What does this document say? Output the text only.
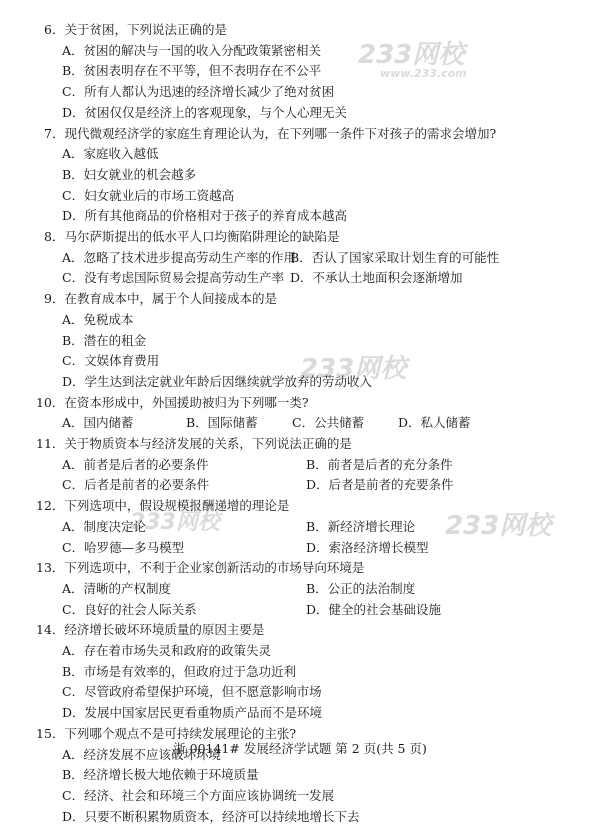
233网校
www.233.com
233网校
233网校	233网校
6．关于贫困，下列说法正确的是
A．贫困的解决与一国的收入分配政策紧密相关
B．贫困表明存在不平等，但不表明存在不公平
C．所有人都认为迅速的经济增长减少了绝对贫困
D．贫困仅仅是经济上的客观现象，与个人心理无关
7．现代微观经济学的家庭生育理论认为，在下列哪一条件下对孩子的需求会增加?
A．家庭收入越低
B．妇女就业的机会越多
C．妇女就业后的市场工资越高
D．所有其他商品的价格相对于孩子的养育成本越高
8．马尔萨斯提出的低水平人口均衡陷阱理论的缺陷是
A．忽略了技术进步提高劳动生产率的作用
B．否认了国家采取计划生育的可能性
C．没有考虑国际贸易会提高劳动生产率 D．不承认土地面积会逐渐增加
9．在教育成本中，属于个人间接成本的是
A．免税成本
B．潜在的租金
C．文娱体育费用
D．学生达到法定就业年龄后因继续就学放弃的劳动收入
10．在资本形成中，外国援助被归为下列哪一类?
A．国内储蓄	B．国际储蓄	C．公共储蓄	D．私人储蓄
11．关于物质资本与经济发展的关系，下列说法正确的是
A．前者是后者的必要条件	B．前者是后者的充分条件
C．后者是前者的必要条件	D．后者是前者的充要条件
12．下列选项中，假设规模报酬递增的理论是
A．制度决定论	B．新经济增长理论
C．哈罗德—多马模型	D．索洛经济增长模型
13．下列选项中，不利于企业家创新活动的市场导向环境是
A．清晰的产权制度	B．公正的法治制度
C．良好的社会人际关系	D．健全的社会基础设施
14．经济增长破坏环境质量的原因主要是
A．存在着市场失灵和政府的政策失灵
B．市场是有效率的，但政府过于急功近利
C．尽管政府希望保护环境，但不愿意影响市场
D．发展中国家居民更看重物质产品而不是环境
15．下列哪个观点不是可持续发展理论的主张?
A．经济发展不应该破坏环境
B．经济增长极大地依赖于环境质量
C．经济、社会和环境三个方面应该协调统一发展
D．只要不断积累物质资本，经济可以持续地增长下去
浙 00141# 发展经济学试题 第 2 页(共 5 页)
